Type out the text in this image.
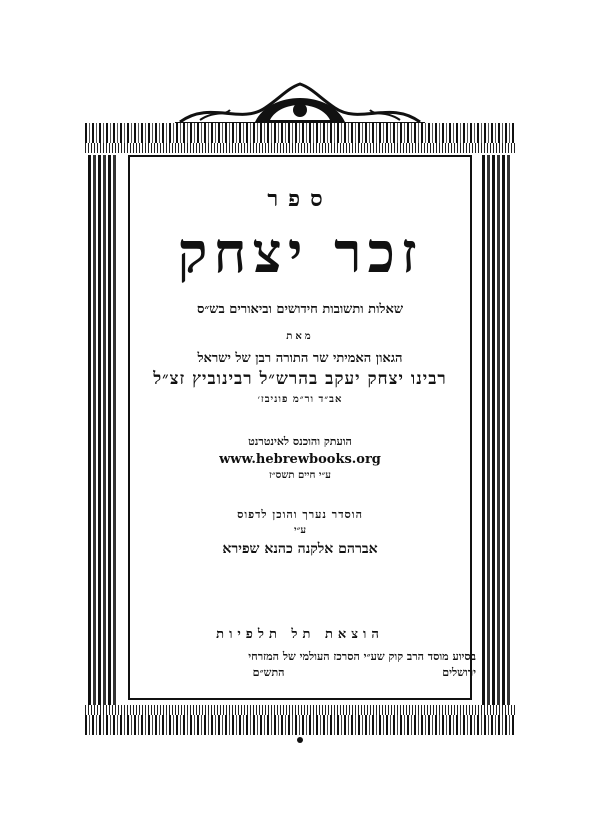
ספר
זכר יצחק
שאלות ותשובות חידושים וביאורים בש״ס
מאת
הגאון האמיתי שר התורה רבן של ישראל
רבינו יצחק יעקב בהרש״ל רבינוביץ זצ״ל
אב״ד ור״מ פוניבז׳
הועתק והוכנס לאינטרנט
www.hebrewbooks.org
ע״י חיים תשס״ז
הוסדר נערך והוכן לדפוס
ע״י
אברהם אלקנה כהנא שפירא
הוצאת תל תלפיות
בסיוע מוסד הרב קוק שע״י הסרכז העולמי של המזרחי
ירושלים  התש״ם
